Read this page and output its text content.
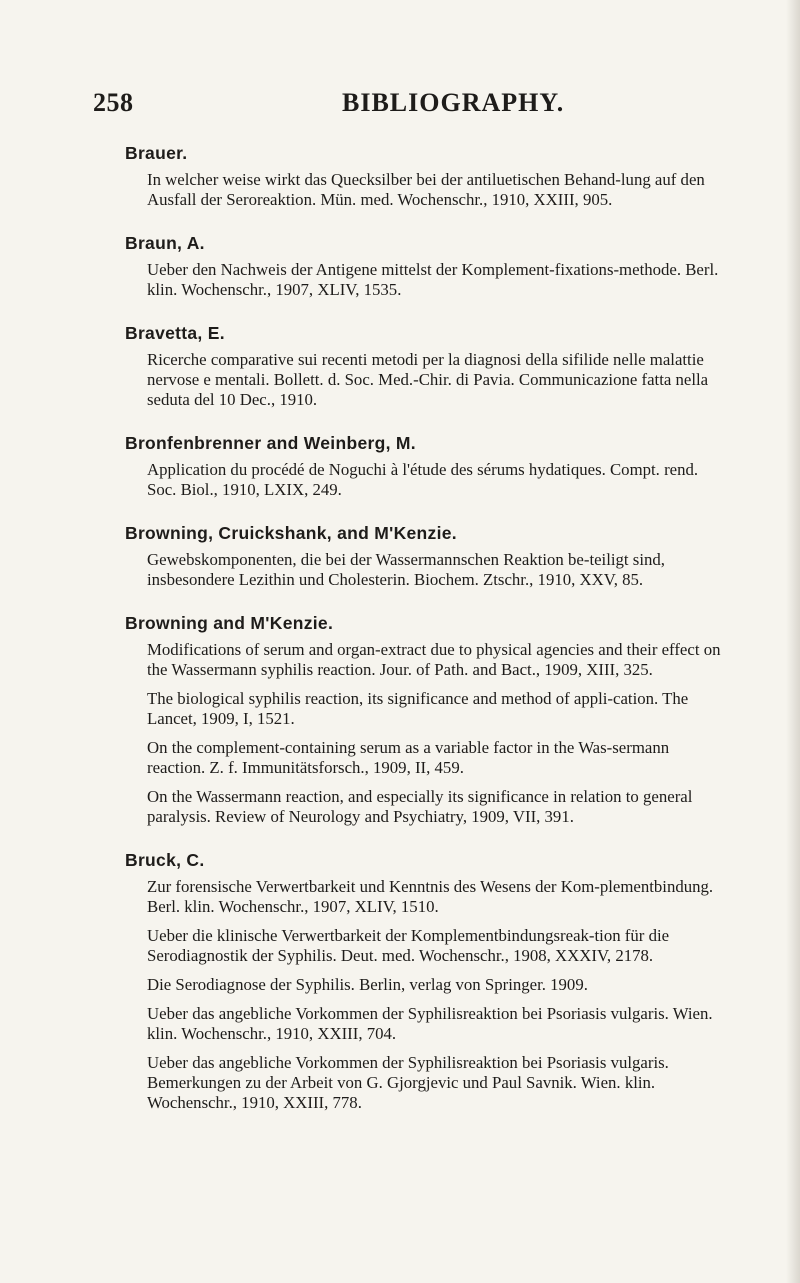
258	BIBLIOGRAPHY.
Brauer.
In welcher weise wirkt das Quecksilber bei der antiluetischen Behand-lung auf den Ausfall der Seroreaktion. Mün. med. Wochenschr., 1910, XXIII, 905.
Braun, A.
Ueber den Nachweis der Antigene mittelst der Komplement-fixations-methode. Berl. klin. Wochenschr., 1907, XLIV, 1535.
Bravetta, E.
Ricerche comparative sui recenti metodi per la diagnosi della sifilide nelle malattie nervose e mentali. Bollett. d. Soc. Med.-Chir. di Pavia. Communicazione fatta nella seduta del 10 Dec., 1910.
Bronfenbrenner and Weinberg, M.
Application du procédé de Noguchi à l'étude des sérums hydatiques. Compt. rend. Soc. Biol., 1910, LXIX, 249.
Browning, Cruickshank, and M'Kenzie.
Gewebskomponenten, die bei der Wassermannschen Reaktion be-teiligt sind, insbesondere Lezithin und Cholesterin. Biochem. Ztschr., 1910, XXV, 85.
Browning and M'Kenzie.
Modifications of serum and organ-extract due to physical agencies and their effect on the Wassermann syphilis reaction. Jour. of Path. and Bact., 1909, XIII, 325.
The biological syphilis reaction, its significance and method of appli-cation. The Lancet, 1909, I, 1521.
On the complement-containing serum as a variable factor in the Was-sermann reaction. Z. f. Immunitätsforsch., 1909, II, 459.
On the Wassermann reaction, and especially its significance in relation to general paralysis. Review of Neurology and Psychiatry, 1909, VII, 391.
Bruck, C.
Zur forensische Verwertbarkeit und Kenntnis des Wesens der Kom-plementbindung. Berl. klin. Wochenschr., 1907, XLIV, 1510.
Ueber die klinische Verwertbarkeit der Komplementbindungsreak-tion für die Serodiagnostik der Syphilis. Deut. med. Wochenschr., 1908, XXXIV, 2178.
Die Serodiagnose der Syphilis. Berlin, verlag von Springer. 1909.
Ueber das angebliche Vorkommen der Syphilisreaktion bei Psoriasis vulgaris. Wien. klin. Wochenschr., 1910, XXIII, 704.
Ueber das angebliche Vorkommen der Syphilisreaktion bei Psoriasis vulgaris. Bemerkungen zu der Arbeit von G. Gjorgjevic und Paul Savnik. Wien. klin. Wochenschr., 1910, XXIII, 778.
